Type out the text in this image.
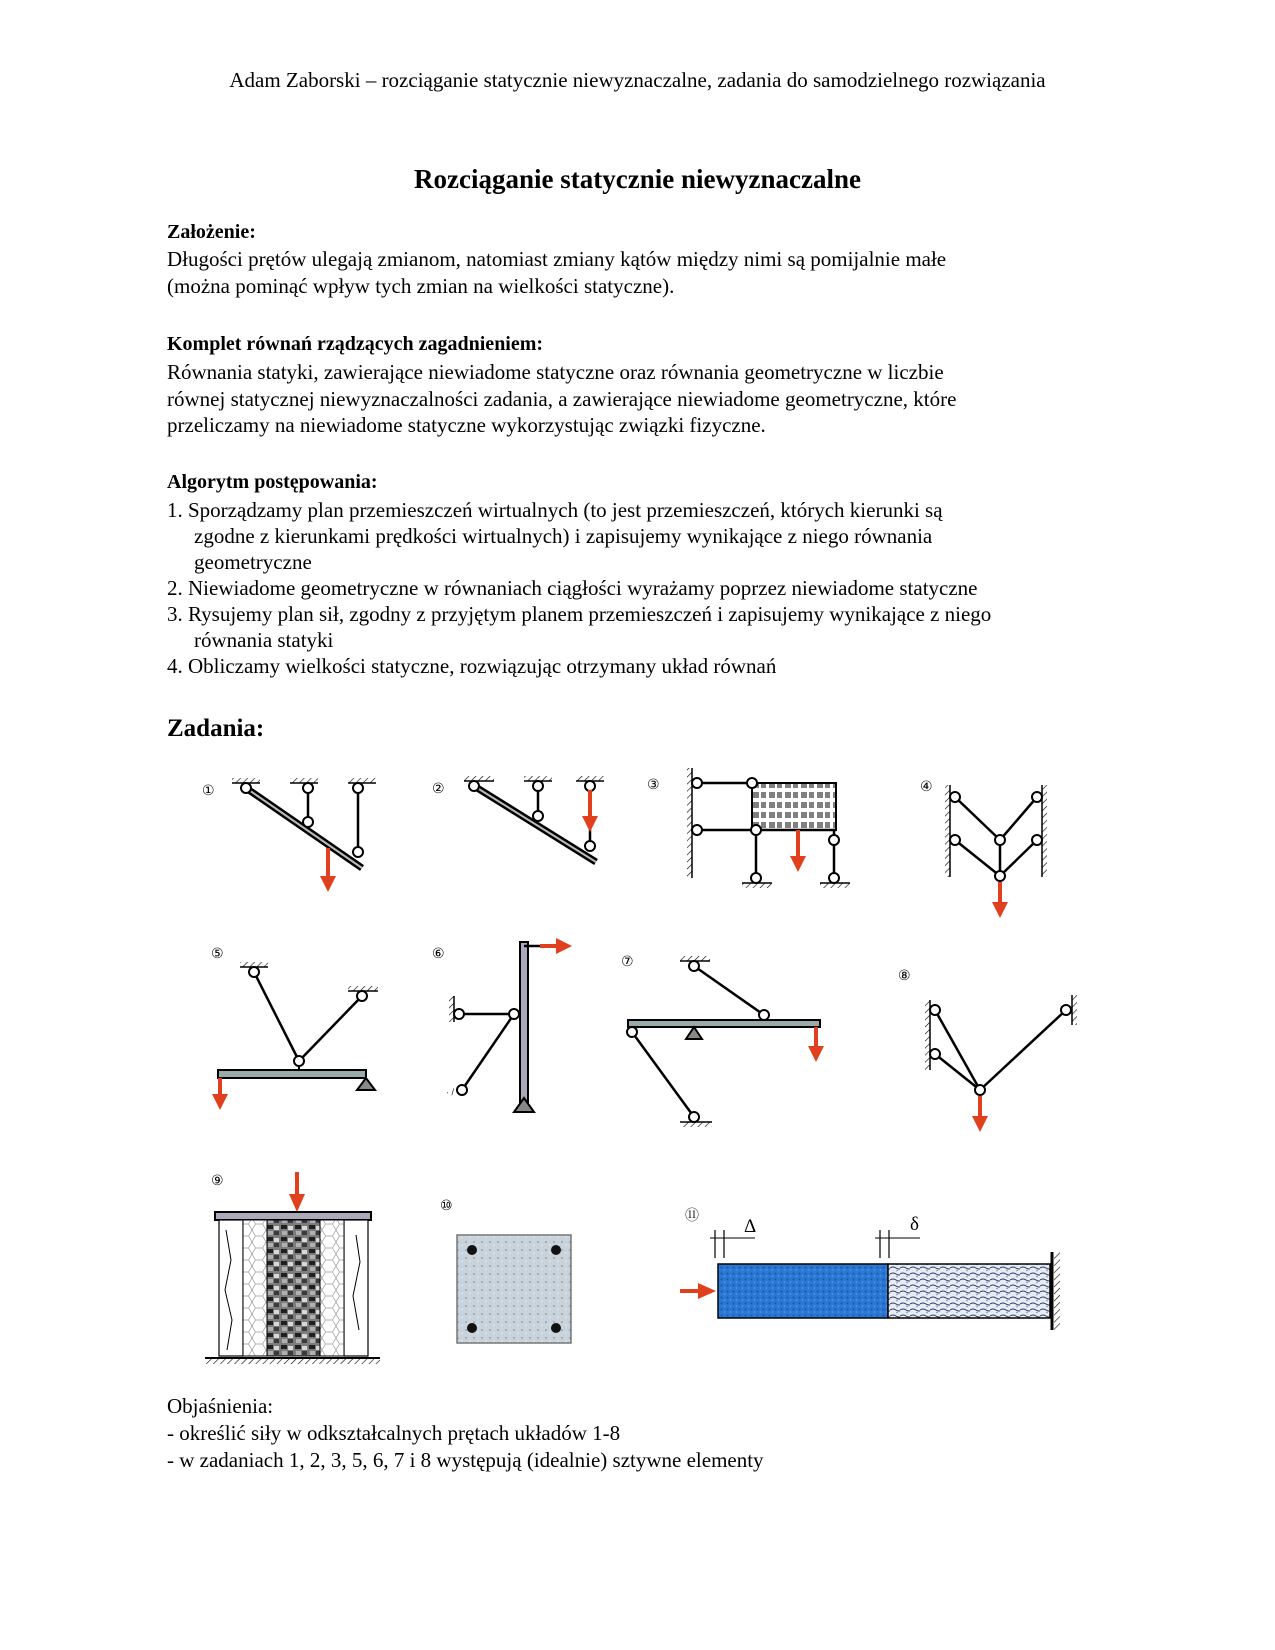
Adam Zaborski – rozciąganie statycznie niewyznaczalne, zadania do samodzielnego rozwiązania
Rozciąganie statycznie niewyznaczalne
Założenie:
Długości prętów ulegają zmianom, natomiast zmiany kątów między nimi są pomijalnie małe
(można pominąć wpływ tych zmian na wielkości statyczne).
Komplet równań rządzących zagadnieniem:
Równania statyki, zawierające niewiadome statyczne oraz równania geometryczne w liczbie
równej statycznej niewyznaczalności zadania, a zawierające niewiadome geometryczne, które
przeliczamy na niewiadome statyczne wykorzystując związki fizyczne.
Algorytm postępowania:
1. Sporządzamy plan przemieszczeń wirtualnych (to jest przemieszczeń, których kierunki są
zgodne z kierunkami prędkości wirtualnych) i zapisujemy wynikające z niego równania
geometryczne
2. Niewiadome geometryczne w równaniach ciągłości wyrażamy poprzez niewiadome statyczne
3. Rysujemy plan sił, zgodny z przyjętym planem przemieszczeń i zapisujemy wynikające z niego
równania statyki
4. Obliczamy wielkości statyczne, rozwiązując otrzymany układ równań
Zadania:
①	②	③	④
⑤	⑥	⑦
⑧
⑨
⑩
⑪ Δ	δ
Objaśnienia:
- określić siły w odkształcalnych prętach układów 1-8
- w zadaniach 1, 2, 3, 5, 6, 7 i 8 występują (idealnie) sztywne elementy
